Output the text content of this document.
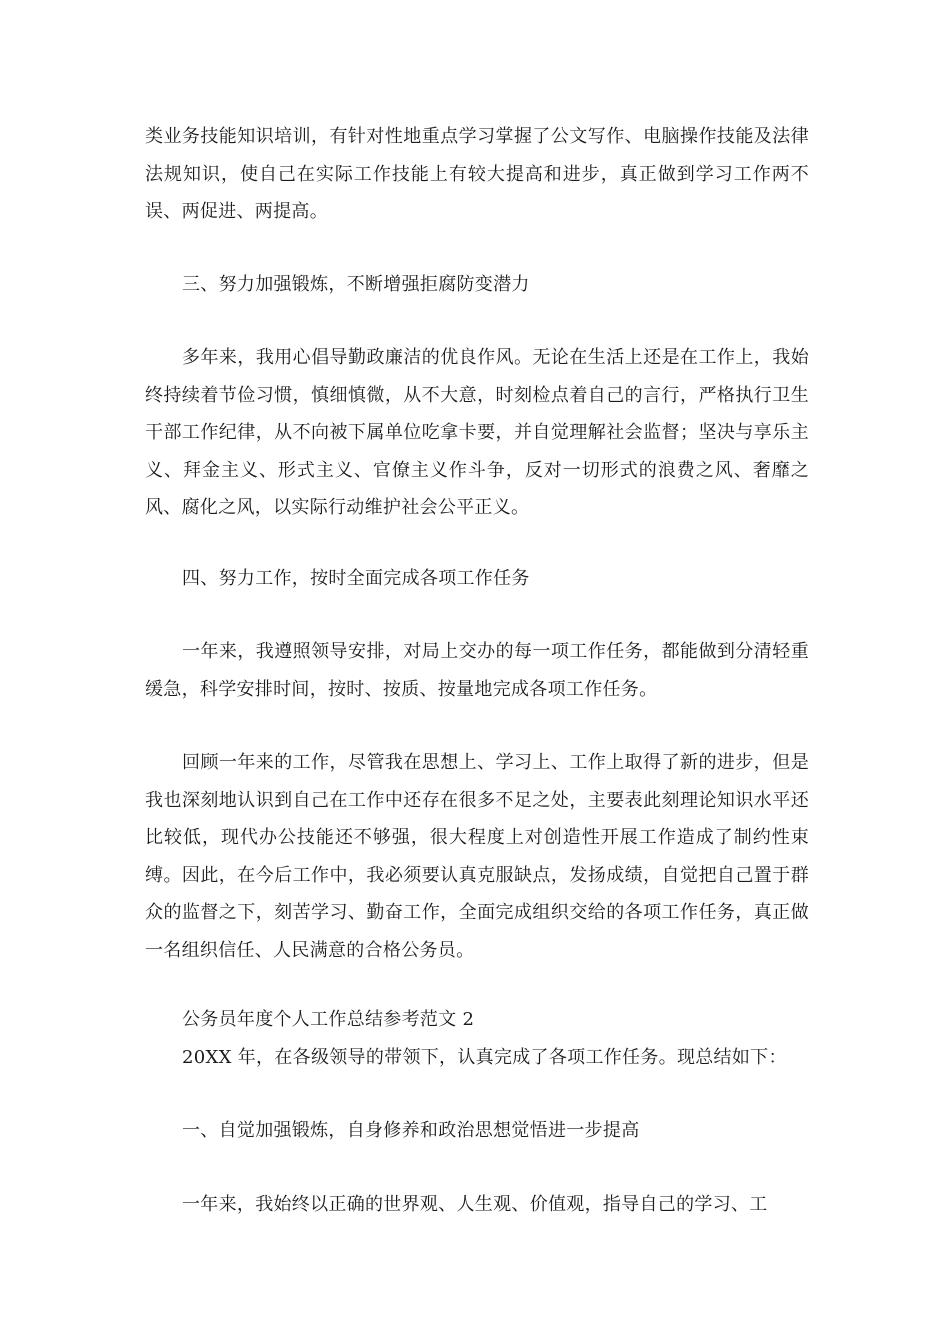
类业务技能知识培训，有针对性地重点学习掌握了公文写作、电脑操作技能及法律法规知识，使自己在实际工作技能上有较大提高和进步，真正做到学习工作两不误、两促进、两提高。

三、努力加强锻炼，不断增强拒腐防变潜力

多年来，我用心倡导勤政廉洁的优良作风。无论在生活上还是在工作上，我始终持续着节俭习惯，慎细慎微，从不大意，时刻检点着自己的言行，严格执行卫生干部工作纪律，从不向被下属单位吃拿卡要，并自觉理解社会监督；坚决与享乐主义、拜金主义、形式主义、官僚主义作斗争，反对一切形式的浪费之风、奢靡之风、腐化之风，以实际行动维护社会公平正义。

四、努力工作，按时全面完成各项工作任务

一年来，我遵照领导安排，对局上交办的每一项工作任务，都能做到分清轻重缓急，科学安排时间，按时、按质、按量地完成各项工作任务。

回顾一年来的工作，尽管我在思想上、学习上、工作上取得了新的进步，但是我也深刻地认识到自己在工作中还存在很多不足之处，主要表此刻理论知识水平还比较低，现代办公技能还不够强，很大程度上对创造性开展工作造成了制约性束缚。因此，在今后工作中，我必须要认真克服缺点，发扬成绩，自觉把自己置于群众的监督之下，刻苦学习、勤奋工作，全面完成组织交给的各项工作任务，真正做一名组织信任、人民满意的合格公务员。

公务员年度个人工作总结参考范文 2

20XX 年，在各级领导的带领下，认真完成了各项工作任务。现总结如下：

一、自觉加强锻炼，自身修养和政治思想觉悟进一步提高

一年来，我始终以正确的世界观、人生观、价值观，指导自己的学习、工
